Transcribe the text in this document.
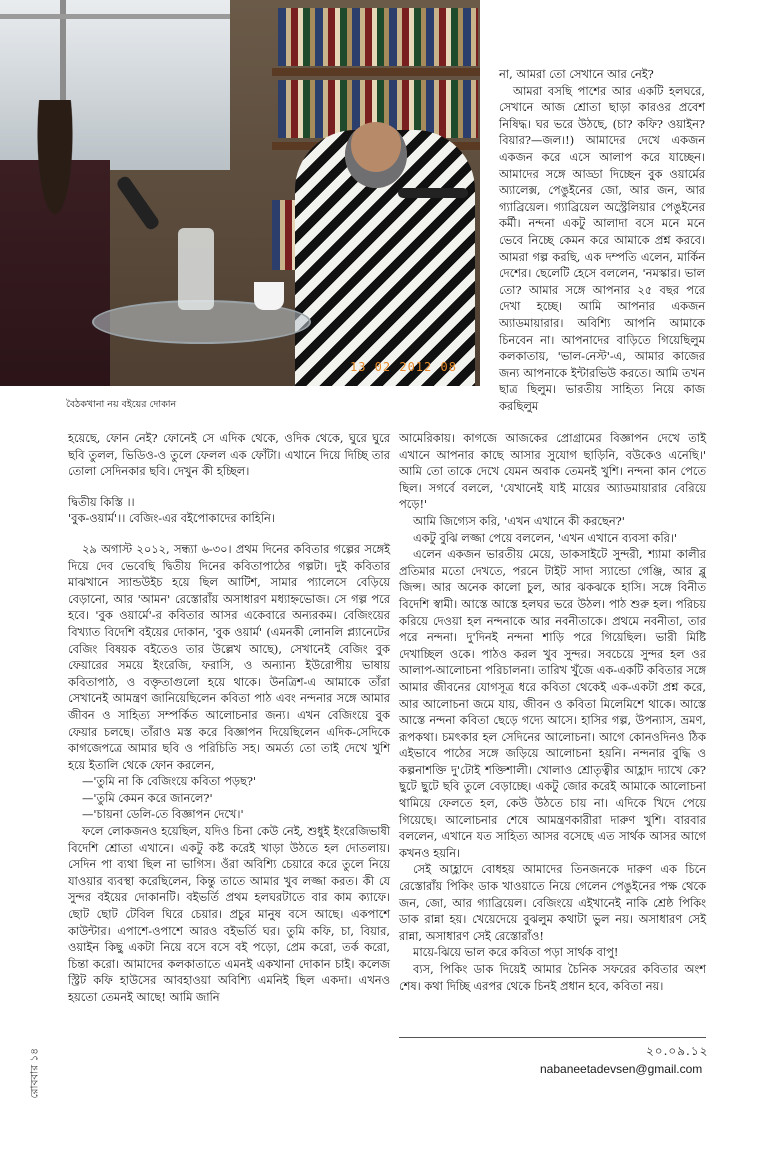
13 02 2012 08
বৈঠকখানা নয় বইয়ের দোকান

না, আমরা তো সেখানে আর নেই?

আমরা বসছি পাশের আর একটি হলঘরে, সেখানে আজ শ্রোতা ছাড়া কারওর প্রবেশ নিষিদ্ধ। ঘর ভরে উঠছে, (চা? কফি? ওয়াইন? বিয়ার?—জল।!) আমাদের দেখে একজন একজন করে এসে আলাপ করে যাচ্ছেন। আমাদের সঙ্গে আড্ডা দিচ্ছেন বুক ওয়ার্মের অ্যালেক্স, পেঙুইনের জো, আর জন, আর গ্যাব্রিয়েল। গ্যাব্রিয়েল অস্ট্রেলিয়ার পেঙুইনের কর্মী। নন্দনা একটু আলাদা বসে মনে মনে ভেবে নিচ্ছে কেমন করে আমাকে প্রশ্ন করবে। আমরা গল্প করছি, এক দম্পতি এলেন, মার্কিন দেশের। ছেলেটি হেসে বললেন, 'নমস্কার। ভাল তো? আমার সঙ্গে আপনার ২৫ বছর পরে দেখা হচ্ছে। আমি আপনার একজন অ্যাডমায়ারার। অবিশ্যি আপনি আমাকে চিনবেন না। আপনাদের বাড়িতে গিয়েছিলুম কলকাতায়, 'ভাল-নেস্ট'-এ, আমার কাজের জন্য আপনাকে ইন্টারভিউ করতে। আমি তখন ছাত্র ছিলুম। ভারতীয় সাহিত্য নিয়ে কাজ করছিলুম

হয়েছে, ফোন নেই? ফোনেই সে এদিক থেকে, ওদিক থেকে, ঘুরে ঘুরে ছবি তুলল, ভিডিও-ও তুলে ফেলল এক ফোঁটা। এখানে দিয়ে দিচ্ছি তার তোলা সেদিনকার ছবি। দেখুন কী হচ্ছিল।

দ্বিতীয় কিস্তি ।।

'বুক-ওয়ার্ম'।। বেজিং-এর বইপোকাদের কাহিনি।

২৯ অগাস্ট ২০১২, সন্ধ্যা ৬-৩০। প্রথম দিনের কবিতার গল্পের সঙ্গেই দিয়ে দেব ভেবেছি দ্বিতীয় দিনের কবিতাপাঠের গল্পটা। দুই কবিতার মাঝখানে স্যান্ডউইচ হয়ে ছিল আটিশ, সামার প্যালেসে বেড়িয়ে বেড়ানো, আর 'আমন' রেস্তোরাঁয় অসাধারণ মধ্যাহ্নভোজ। সে গল্প পরে হবে। 'বুক ওয়ার্মে'-র কবিতার আসর একেবারে অন্যরকম। বেজিংয়ের বিখ্যাত বিদেশি বইয়ের দোকান, 'বুক ওয়ার্ম' (এমনকী লোনলি প্ল্যানেটের বেজিং বিষয়ক বইতেও তার উল্লেখ আছে), সেখানেই বেজিং বুক ফেয়ারের সময়ে ইংরেজি, ফরাসি, ও অন্যান্য ইউরোপীয় ভাষায় কবিতাপাঠ, ও বক্তৃতাগুলো হয়ে থাকে। উনত্রিশ-এ আমাকে তাঁরা সেখানেই আমন্ত্রণ জানিয়েছিলেন কবিতা পাঠ এবং নন্দনার সঙ্গে আমার জীবন ও সাহিত্য সম্পর্কিত আলোচনার জন্য। এখন বেজিংয়ে বুক ফেয়ার চলছে। তাঁরাও মস্ত করে বিজ্ঞাপন দিয়েছিলেন এদিক-সেদিকে কাগজেপত্রে আমার ছবি ও পরিচিতি সহ। অমর্ত্য তো তাই দেখে খুশি হয়ে ইতালি থেকে ফোন করলেন,

—'তুমি না কি বেজিংয়ে কবিতা পড়ছ?'

—'তুমি কেমন করে জানলে?'

—'চায়না ডেলি-তে বিজ্ঞাপন দেখে।'

ফলে লোকজনও হয়েছিল, যদিও চিনা কেউ নেই, শুধুই ইংরেজিভাষী বিদেশি শ্রোতা এখানে। একটু কষ্ট করেই খাড়া উঠতে হল দোতলায়। সেদিন পা ব্যথা ছিল না ভাগিস। ওঁরা অবিশ্যি চেয়ারে করে তুলে নিয়ে যাওয়ার ব্যবস্থা করেছিলেন, কিন্তু তাতে আমার খুব লজ্জা করত। কী যে সুন্দর বইয়ের দোকানটি। বইভর্তি প্রথম হলঘরটাতে বার কাম ক্যাফে। ছোট ছোট টেবিল ঘিরে চেয়ার। প্রচুর মানুষ বসে আছে। একপাশে কাউন্টার। এপাশে-ওপাশে আরও বইভর্তি ঘর। তুমি কফি, চা, বিয়ার, ওয়াইন কিছু একটা নিয়ে বসে বসে বই পড়ো, প্রেম করো, তর্ক করো, চিন্তা করো। আমাদের কলকাতাতে এমনই একখানা দোকান চাই। কলেজ স্ট্রিট কফি হাউসের আবহাওয়া অবিশ্যি এমনিই ছিল একদা। এখনও হয়তো তেমনই আছে! আমি জানি

আমেরিকায়। কাগজে আজকের প্রোগ্রামের বিজ্ঞাপন দেখে তাই এখানে আপনার কাছে আসার সুযোগ ছাড়িনি, বউকেও এনেছি।' আমি তো তাকে দেখে যেমন অবাক তেমনই খুশি। নন্দনা কান পেতে ছিল। সগর্বে বললে, 'যেখানেই যাই মায়ের অ্যাডমায়ারার বেরিয়ে পড়ে!'

আমি জিগ্যেস করি, 'এখন এখানে কী করছেন?'

একটু বুঝি লজ্জা পেয়ে বললেন, 'এখন এখানে ব্যবসা করি।'

এলেন একজন ভারতীয় মেয়ে, ডাকসাইটে সুন্দরী, শ্যামা কালীর প্রতিমার মতো দেখতে, পরনে টাইট সাদা স্যান্ডো গেঞ্জি, আর ব্লু জিন্স। আর অনেক কালো চুল, আর ঝকঝকে হাসি। সঙ্গে বিনীত বিদেশি স্বামী। আস্তে আস্তে হলঘর ভরে উঠল। পাঠ শুরু হল। পরিচয় করিয়ে দেওয়া হল নন্দনাকে আর নবনীতাকে। প্রথমে নবনীতা, তার পরে নন্দনা। দু'দিনই নন্দনা শাড়ি পরে গিয়েছিল। ভারী মিষ্টি দেখাচ্ছিল ওকে। পাঠও করল খুব সুন্দর। সবচেয়ে সুন্দর হল ওর আলাপ-আলোচনা পরিচালনা। তারিখ খুঁজে এক-একটি কবিতার সঙ্গে আমার জীবনের যোগসূত্র ধরে কবিতা থেকেই এক-একটা প্রশ্ন করে, আর আলোচনা জমে যায়, জীবন ও কবিতা মিলেমিশে থাকে। আস্তে আস্তে নন্দনা কবিতা ছেড়ে গদ্যে আসে। হাসির গল্প, উপন্যাস, ভ্রমণ, রূপকথা। চমৎকার হল সেদিনের আলোচনা। আগে কোনওদিনও ঠিক এইভাবে পাঠের সঙ্গে জড়িয়ে আলোচনা হয়নি। নন্দনার বুদ্ধি ও কল্পনাশক্তি দু'টোই শক্তিশালী। খোলাও শ্রোতৃত্বীর আহ্লাদ দ্যাখে কে? ছুটে ছুটে ছবি তুলে বেড়াচ্ছে। একটু জোর করেই আমাকে আলোচনা থামিয়ে ফেলতে হল, কেউ উঠতে চায় না। এদিকে খিদে পেয়ে গিয়েছে। আলোচনার শেষে আমন্ত্রণকারীরা দারুণ খুশি। বারবার বললেন, এখানে যত সাহিত্য আসর বসেছে এত সার্থক আসর আগে কখনও হয়নি।

সেই আহ্লাদে বোধহয় আমাদের তিনজনকে দারুণ এক চিনে রেস্তোরাঁয় পিকিং ডাক খাওয়াতে নিয়ে গেলেন পেঙুইনের পক্ষ থেকে জন, জো, আর গ্যাব্রিয়েল। বেজিংয়ে এইখানেই নাকি শ্রেষ্ঠ পিকিং ডাক রান্না হয়। খেয়েদেয়ে বুঝলুম কথাটা ভুল নয়। অসাধারণ সেই রান্না, অসাধারণ সেই রেস্তোরাঁও!

মায়ে-ঝিয়ে ভাল করে কবিতা পড়া সার্থক বাপু!

ব্যস, পিকিং ডাক দিয়েই আমার চৈনিক সফরের কবিতার অংশ শেষ। কথা দিচ্ছি এরপর থেকে চিনই প্রধান হবে, কবিতা নয়।

২০.০৯.১২
nabaneetadevsen@gmail.com
রোববার ১৪
